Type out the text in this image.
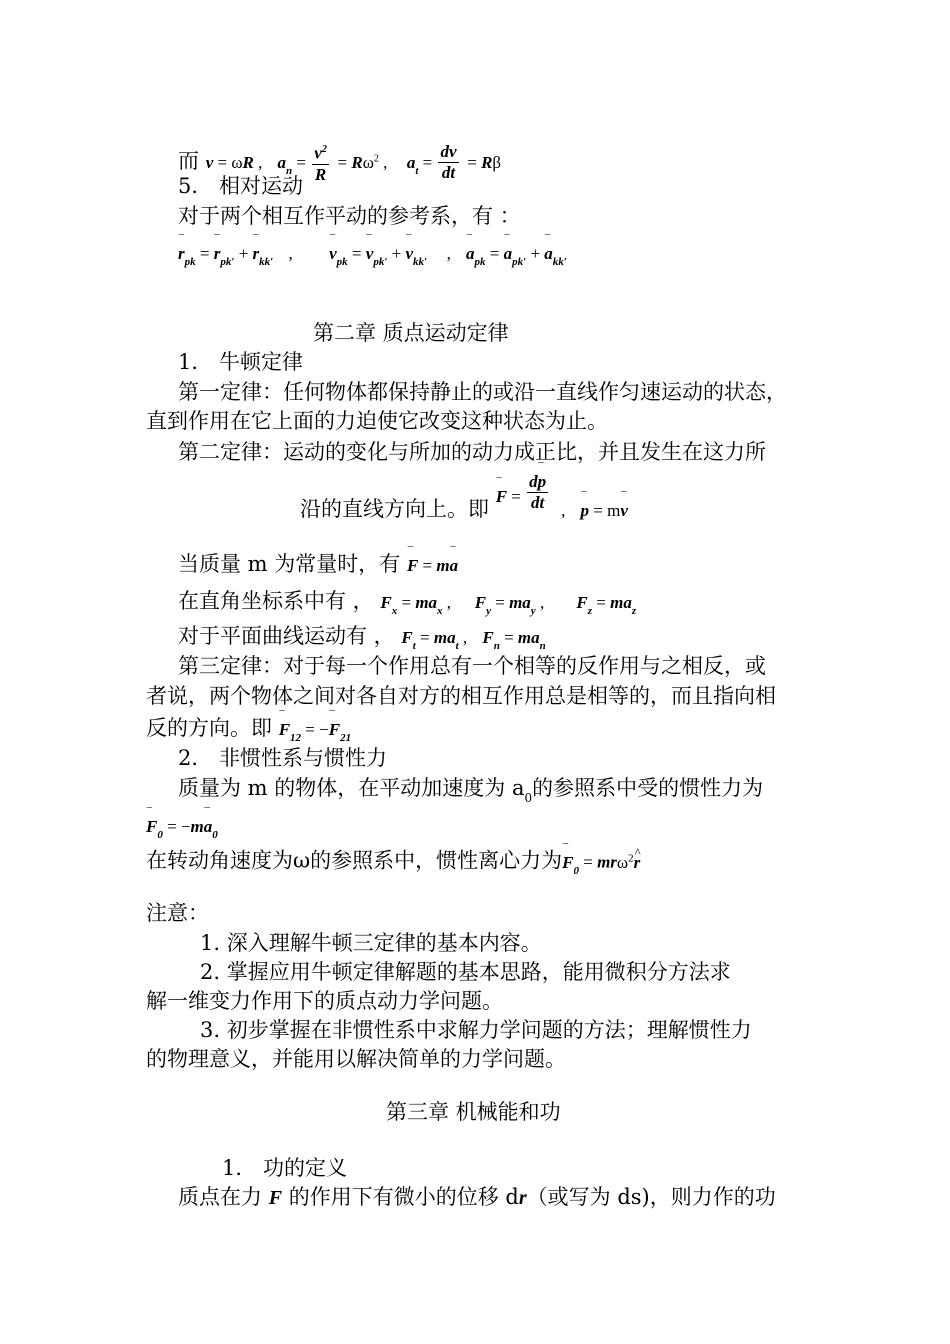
而 v = ωR ,   $a_n = \frac{v^2}{R} = R\omega^2$ ,    $a_t = \frac{dv}{dt} = R\beta$
5． 相对运动
对于两个相互作平动的参考系，有 ：
‾ $r_{pk}$ = ‾ $r_{pk'}$ + ‾ $r_{kk'}$   ,        ‾ $v_{pk}$ = ‾ $v_{pk'}$ + ‾ $v_{kk'}$    ,   ‾ $a_{pk}$ = ‾ $a_{pk'}$ + ‾ $a_{kk'}$
第二章 质点运动定律
1． 牛顿定律
第一定律：任何物体都保持静止的或沿一直线作匀速运动的状态，
直到作用在它上面的力迫使它改变这种状态为止。
第二定律：运动的变化与所加的动力成正比，并且发生在这力所
沿的直线方向上。即 ‾ $F = \frac{d‾ p}{dt} _,$   ‾ p $_{= m}$‾ v
当质量 m 为常量时，有 ‾ F = m‾ a
在直角坐标系中有 ， $F_x = ma_x$ ,     $F_y = ma_y$ ,       $F_z = ma_z$
对于平面曲线运动有 ， $F_t = ma_t$ ,   $F_n = ma_n$
第三定律：对于每一个作用总有一个相等的反作用与之相反，或
者说，两个物体之间对各自对方的相互作用总是相等的，而且指向相
反的方向。即 ‾ $F_{12}$ = −‾ $F_{21}$
2． 非惯性系与惯性力
质量为 m 的物体，在平动加速度为 $a_0$的参照系中受的惯性力为
‾ $F_0$ = −m‾ $a_0$
在转动角速度为ω的参照系中，惯性离心力为‾ $F_0$ = mrω$^2$^ r
注意：
1. 深入理解牛顿三定律的基本内容。
2. 掌握应用牛顿定律解题的基本思路，能用微积分方法求
解一维变力作用下的质点动力学问题。
3. 初步掌握在非惯性系中求解力学问题的方法；理解惯性力
的物理意义，并能用以解决简单的力学问题。
第三章 机械能和功
1． 功的定义
质点在力 F 的作用下有微小的位移 dr（或写为 ds)，则力作的功
